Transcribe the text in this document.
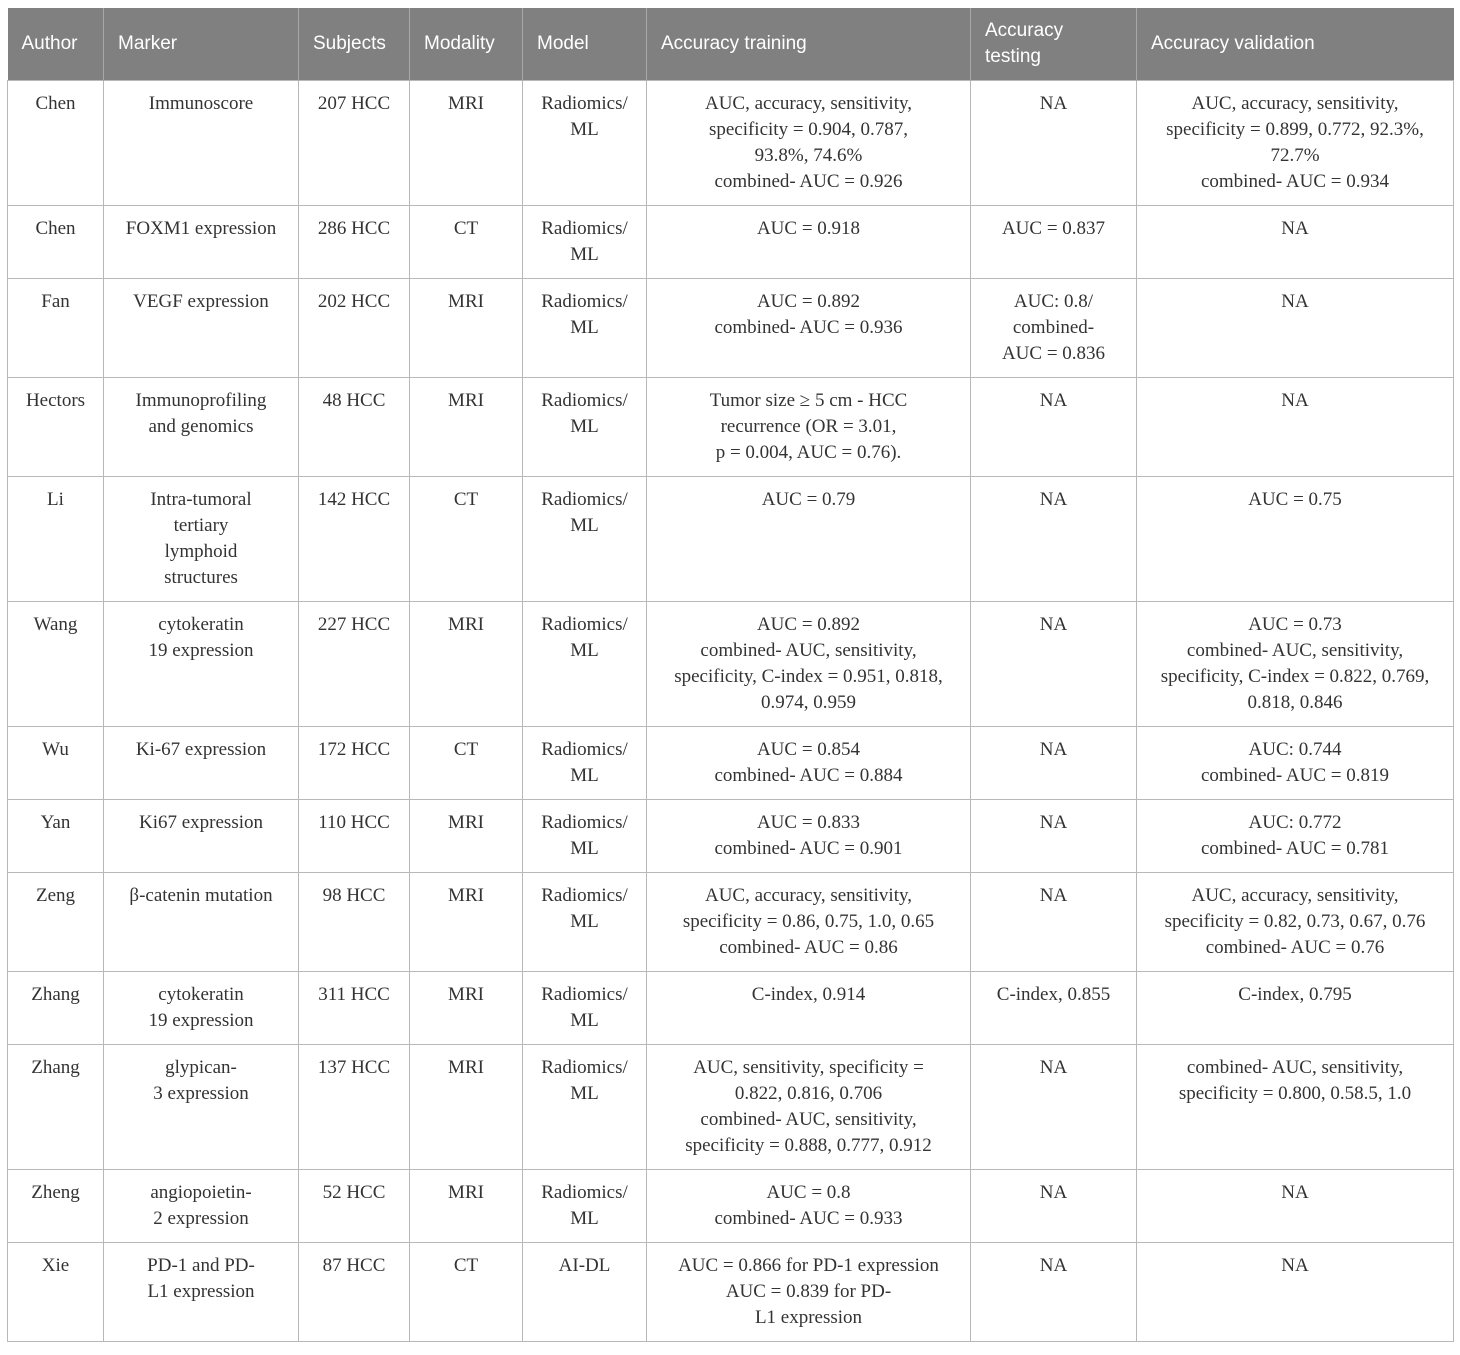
Author	Marker	Subjects	Modality	Model	Accuracy training	Accuracy testing	Accuracy validation
Chen	Immunoscore	207 HCC	MRI	Radiomics/
ML	AUC, accuracy, sensitivity,
specificity = 0.904, 0.787,
93.8%, 74.6%
combined- AUC = 0.926	NA	AUC, accuracy, sensitivity,
specificity = 0.899, 0.772, 92.3%,
72.7%
combined- AUC = 0.934

Chen	FOXM1 expression	286 HCC	CT	Radiomics/
ML	AUC = 0.918	AUC = 0.837	NA

Fan	VEGF expression	202 HCC	MRI	Radiomics/
ML	AUC = 0.892
combined- AUC = 0.936	AUC: 0.8/
combined-
AUC = 0.836	NA

Hectors	Immunoprofiling
and genomics	48 HCC	MRI	Radiomics/
ML	Tumor size ≥ 5 cm - HCC
recurrence (OR = 3.01,
p = 0.004, AUC = 0.76).	NA	NA

Li	Intra-tumoral
tertiary
lymphoid
structures	142 HCC	CT	Radiomics/
ML	AUC = 0.79	NA	AUC = 0.75

Wang	cytokeratin
19 expression	227 HCC	MRI	Radiomics/
ML	AUC = 0.892
combined- AUC, sensitivity,
specificity, C-index = 0.951, 0.818,
0.974, 0.959	NA	AUC = 0.73
combined- AUC, sensitivity,
specificity, C-index = 0.822, 0.769,
0.818, 0.846

Wu	Ki-67 expression	172 HCC	CT	Radiomics/
ML	AUC = 0.854
combined- AUC = 0.884	NA	AUC: 0.744
combined- AUC = 0.819

Yan	Ki67 expression	110 HCC	MRI	Radiomics/
ML	AUC = 0.833
combined- AUC = 0.901	NA	AUC: 0.772
combined- AUC = 0.781

Zeng	β-catenin mutation	98 HCC	MRI	Radiomics/
ML	AUC, accuracy, sensitivity,
specificity = 0.86, 0.75, 1.0, 0.65
combined- AUC = 0.86	NA	AUC, accuracy, sensitivity,
specificity = 0.82, 0.73, 0.67, 0.76
combined- AUC = 0.76

Zhang	cytokeratin
19 expression	311 HCC	MRI	Radiomics/
ML	C-index, 0.914	C-index, 0.855	C-index, 0.795

Zhang	glypican-
3 expression	137 HCC	MRI	Radiomics/
ML	AUC, sensitivity, specificity =
0.822, 0.816, 0.706
combined- AUC, sensitivity,
specificity = 0.888, 0.777, 0.912	NA	combined- AUC, sensitivity,
specificity = 0.800, 0.58.5, 1.0

Zheng	angiopoietin-
2 expression	52 HCC	MRI	Radiomics/
ML	AUC = 0.8
combined- AUC = 0.933	NA	NA

Xie	PD-1 and PD-
L1 expression	87 HCC	CT	AI-DL	AUC = 0.866 for PD-1 expression
AUC = 0.839 for PD-
L1 expression	NA	NA
